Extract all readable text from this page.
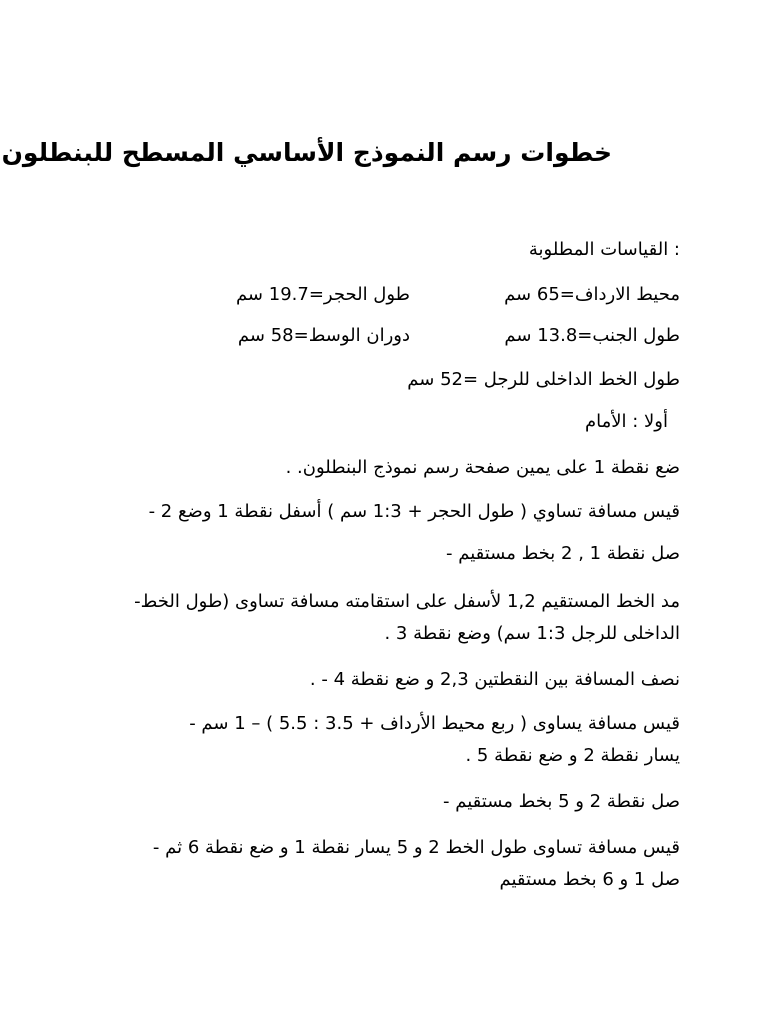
خطوات رسم النموذج الأساسي المسطح للبنطلون
: القياسات المطلوبة
محيط الارداف=65 سم
طول الحجر=19.7 سم
طول الجنب=13.8 سم
دوران الوسط=58 سم
طول الخط الداخلى للرجل =52 سم
أولا : الأمام
ضع نقطة 1 على يمين صفحة رسم نموذج البنطلون. .
قيس مسافة تساوي ( طول الحجر + 1:3 سم ) أسفل نقطة 1 وضع 2 -
صل نقطة 1 , 2 بخط مستقيم -
مد الخط المستقيم 1,2 لأسفل على استقامته مسافة تساوى (طول الخط-
الداخلى للرجل 1:3 سم) وضع نقطة 3 .
نصف المسافة بين النقطتين 2,3 و ضع نقطة 4 - .
قيس مسافة يساوى ( ربع محيط الأرداف + 3.5 : 5.5 ) – 1 سم -
يسار نقطة 2 و ضع نقطة 5 .
صل نقطة 2 و 5 بخط مستقيم -
قيس مسافة تساوى طول الخط 2 و 5 يسار نقطة 1 و ضع نقطة 6 ثم -
صل 1 و 6 بخط مستقيم
